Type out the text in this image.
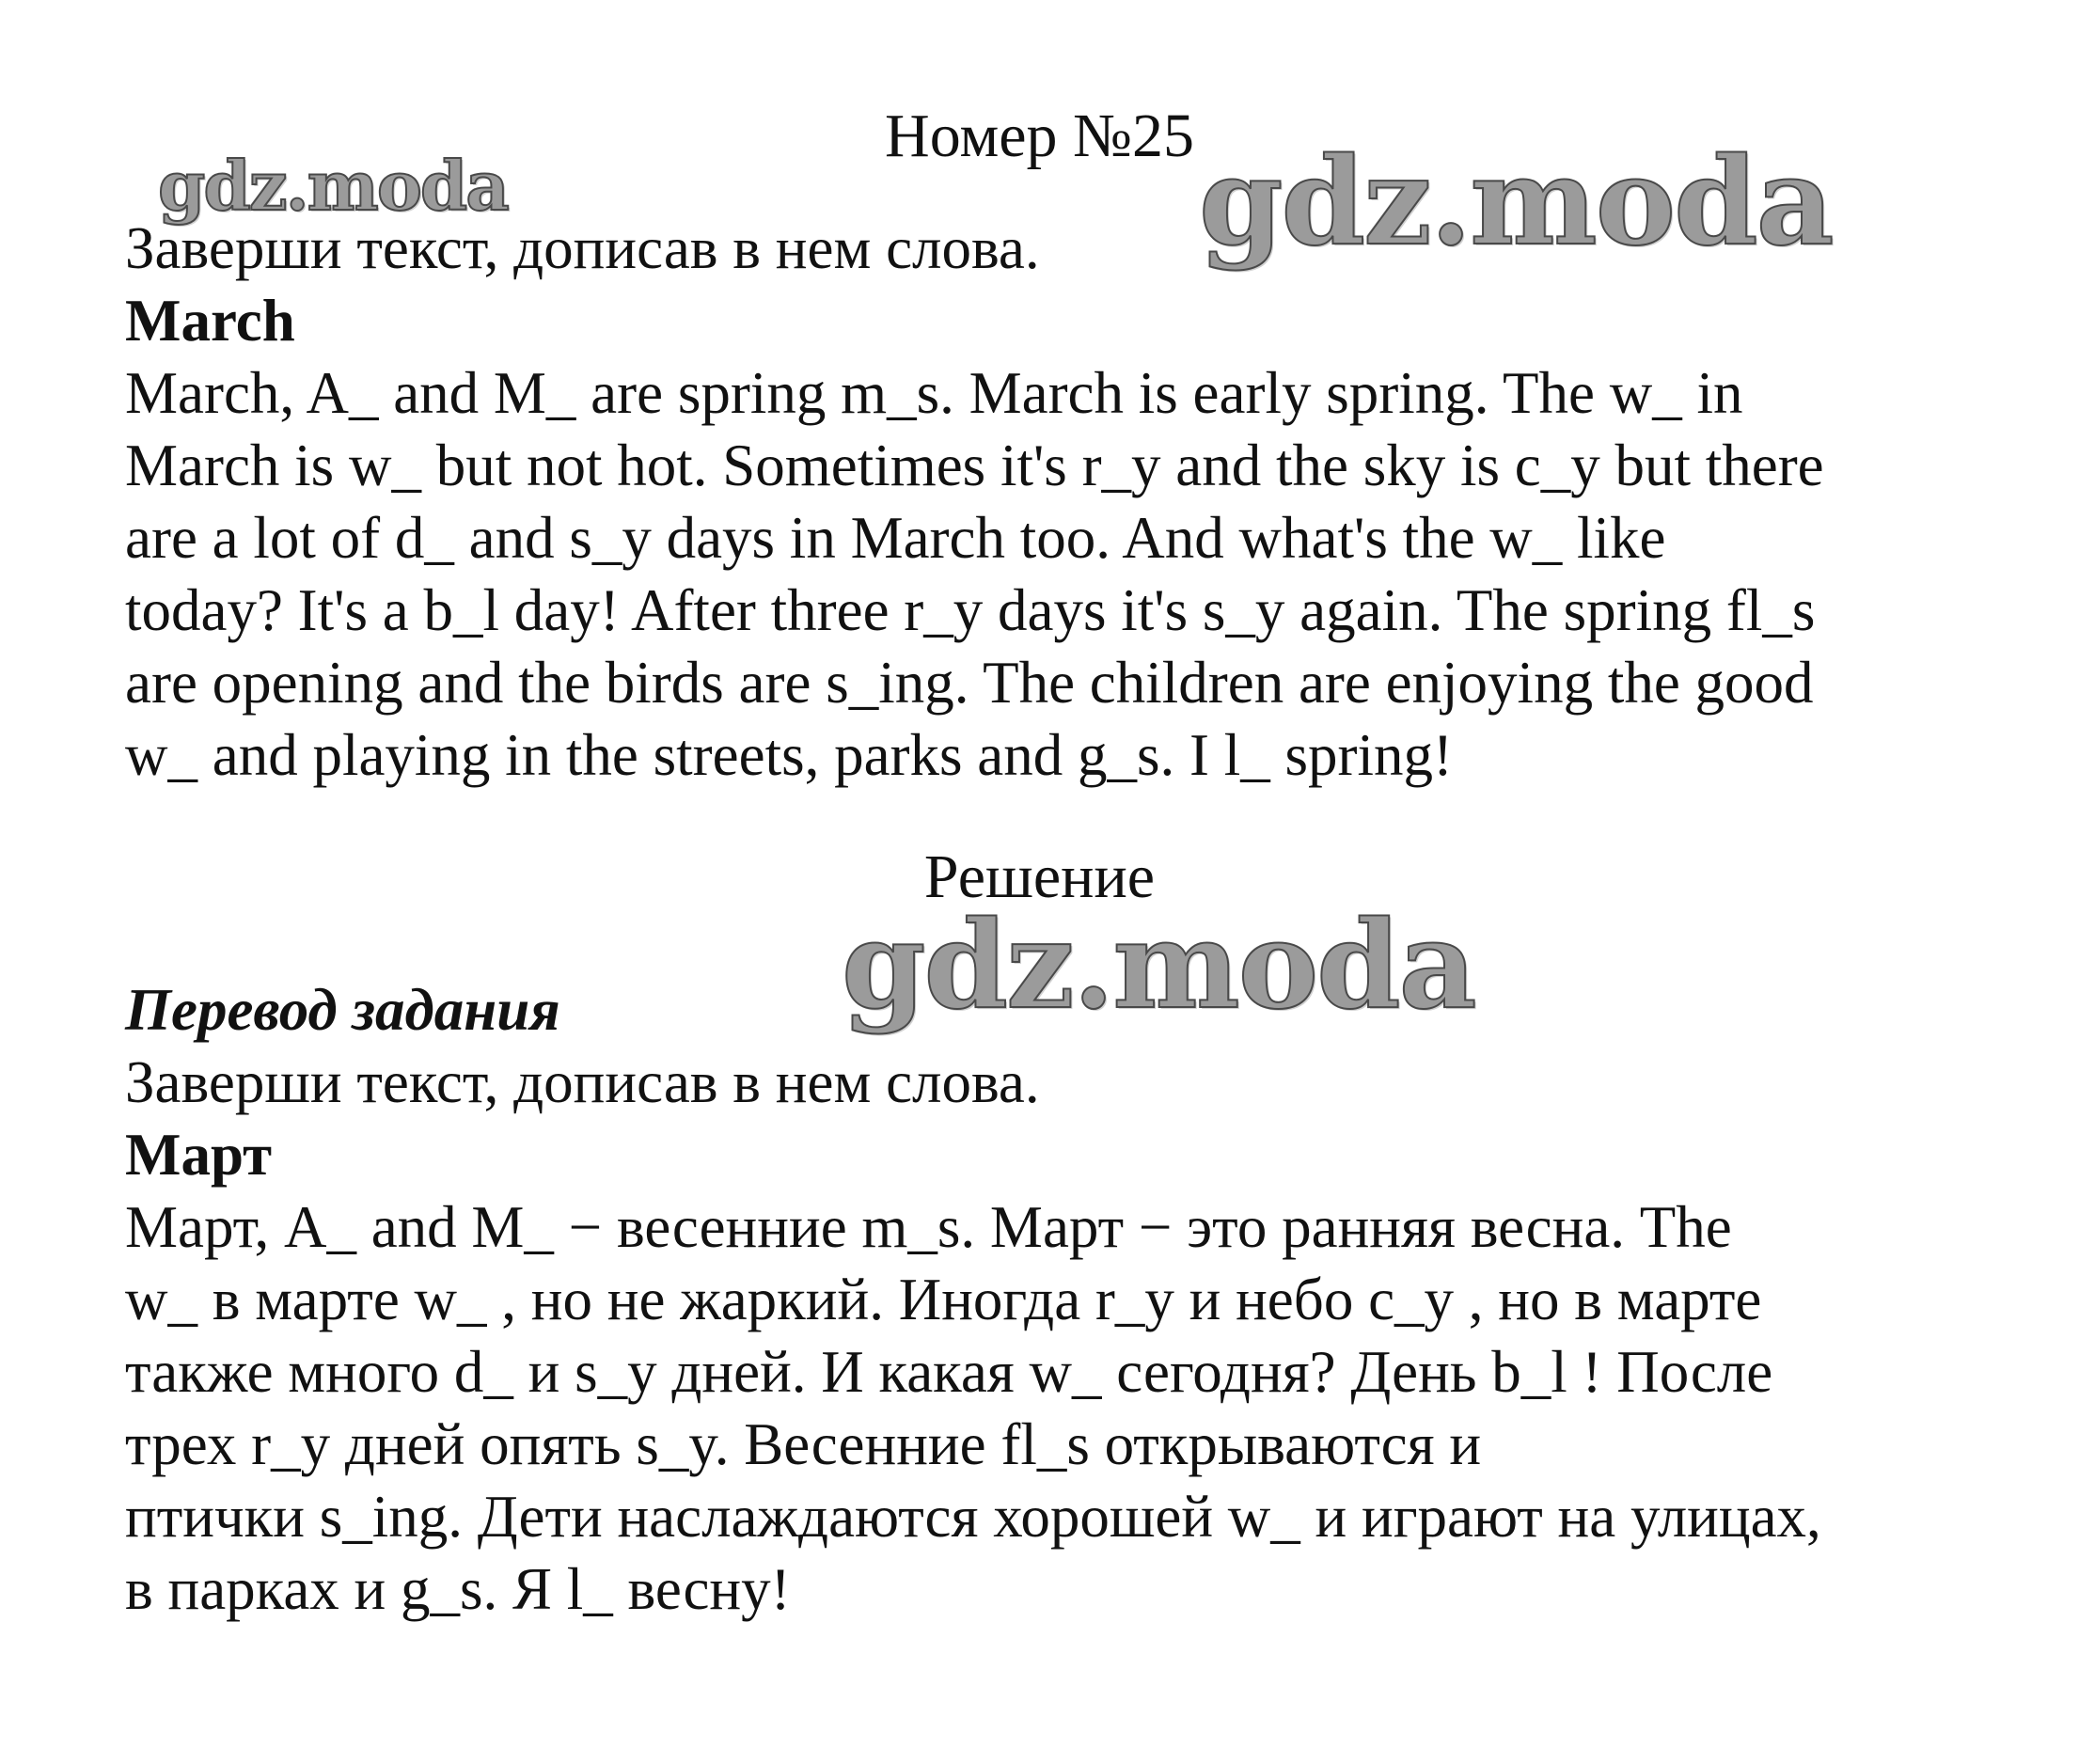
Номер №25
gdz.moda	gdz.moda
Заверши текст, дописав в нем слова.
March
March, A_ and M_ are spring m_s. March is early spring. The w_ in
March is w_ but not hot. Sometimes it's r_y and the sky is c_y but there
are a lot of d_ and s_y days in March too. And what's the w_ like
today? It's a b_l day! After three r_y days it's s_y again. The spring fl_s
are opening and the birds are s_ing. The children are enjoying the good
w_ and playing in the streets, parks and g_s. I l_ spring!
Решение
gdz.moda
Перевод задания
Заверши текст, дописав в нем слова.
Март
Март, A_ and M_ − весенние m_s. Март − это ранняя весна. The
w_ в марте w_ , но не жаркий. Иногда r_y и небо c_y , но в марте
также много d_ и s_y дней. И какая w_ сегодня? День b_l ! После
трех r_y дней опять s_y. Весенние fl_s открываются и
птички s_ing. Дети наслаждаются хорошей w_ и играют на улицах,
в парках и g_s. Я l_ весну!
